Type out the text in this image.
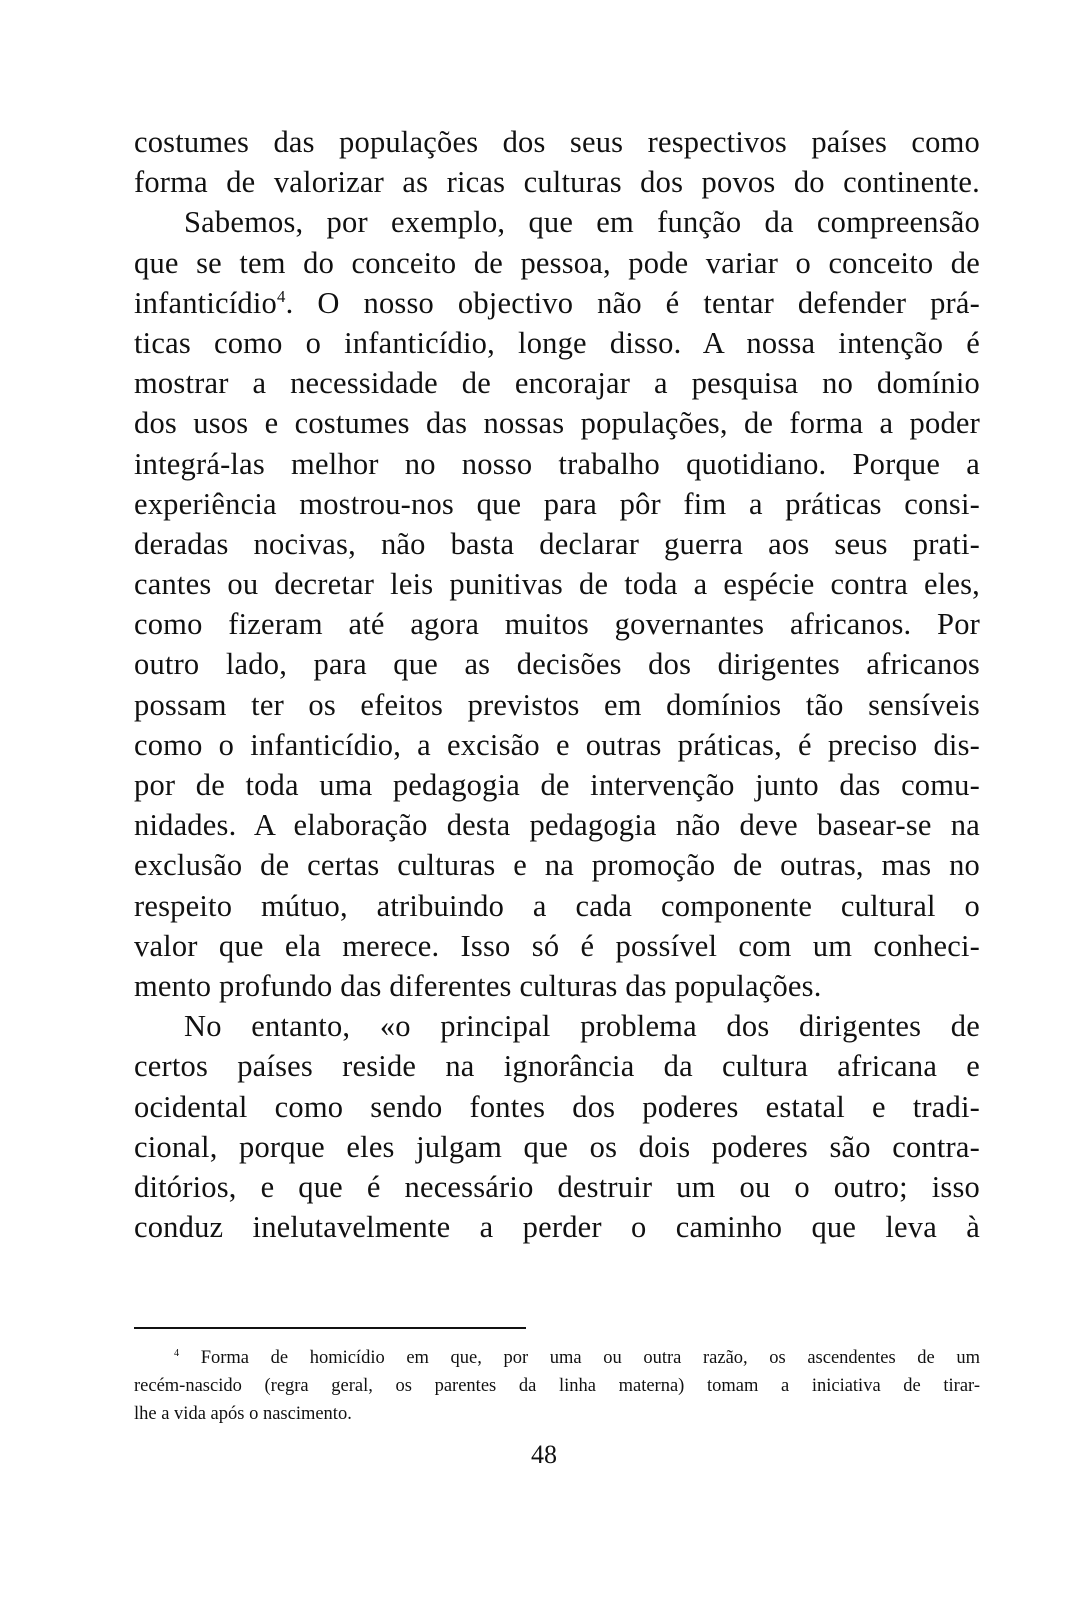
costumes das populações dos seus respectivos países como
forma de valorizar as ricas culturas dos povos do continente.
Sabemos, por exemplo, que em função da compreensão
que se tem do conceito de pessoa, pode variar o conceito de
infanticídio$^4$. O nosso objectivo não é tentar defender prá-
ticas como o infanticídio, longe disso. A nossa intenção é
mostrar a necessidade de encorajar a pesquisa no domínio
dos usos e costumes das nossas populações, de forma a poder
integrá-las melhor no nosso trabalho quotidiano. Porque a
experiência mostrou-nos que para pôr fim a práticas consi-
deradas nocivas, não basta declarar guerra aos seus prati-
cantes ou decretar leis punitivas de toda a espécie contra eles,
como fizeram até agora muitos governantes africanos. Por
outro lado, para que as decisões dos dirigentes africanos
possam ter os efeitos previstos em domínios tão sensíveis
como o infanticídio, a excisão e outras práticas, é preciso dis-
por de toda uma pedagogia de intervenção junto das comu-
nidades. A elaboração desta pedagogia não deve basear-se na
exclusão de certas culturas e na promoção de outras, mas no
respeito mútuo, atribuindo a cada componente cultural o
valor que ela merece. Isso só é possível com um conheci-
mento profundo das diferentes culturas das populações.
No entanto, «o principal problema dos dirigentes de
certos países reside na ignorância da cultura africana e
ocidental como sendo fontes dos poderes estatal e tradi-
cional, porque eles julgam que os dois poderes são contra-
ditórios, e que é necessário destruir um ou o outro; isso
conduz inelutavelmente a perder o caminho que leva à
$^4$ Forma de homicídio em que, por uma ou outra razão, os ascendentes de um
recém-nascido (regra geral, os parentes da linha materna) tomam a iniciativa de tirar-
lhe a vida após o nascimento.
48
